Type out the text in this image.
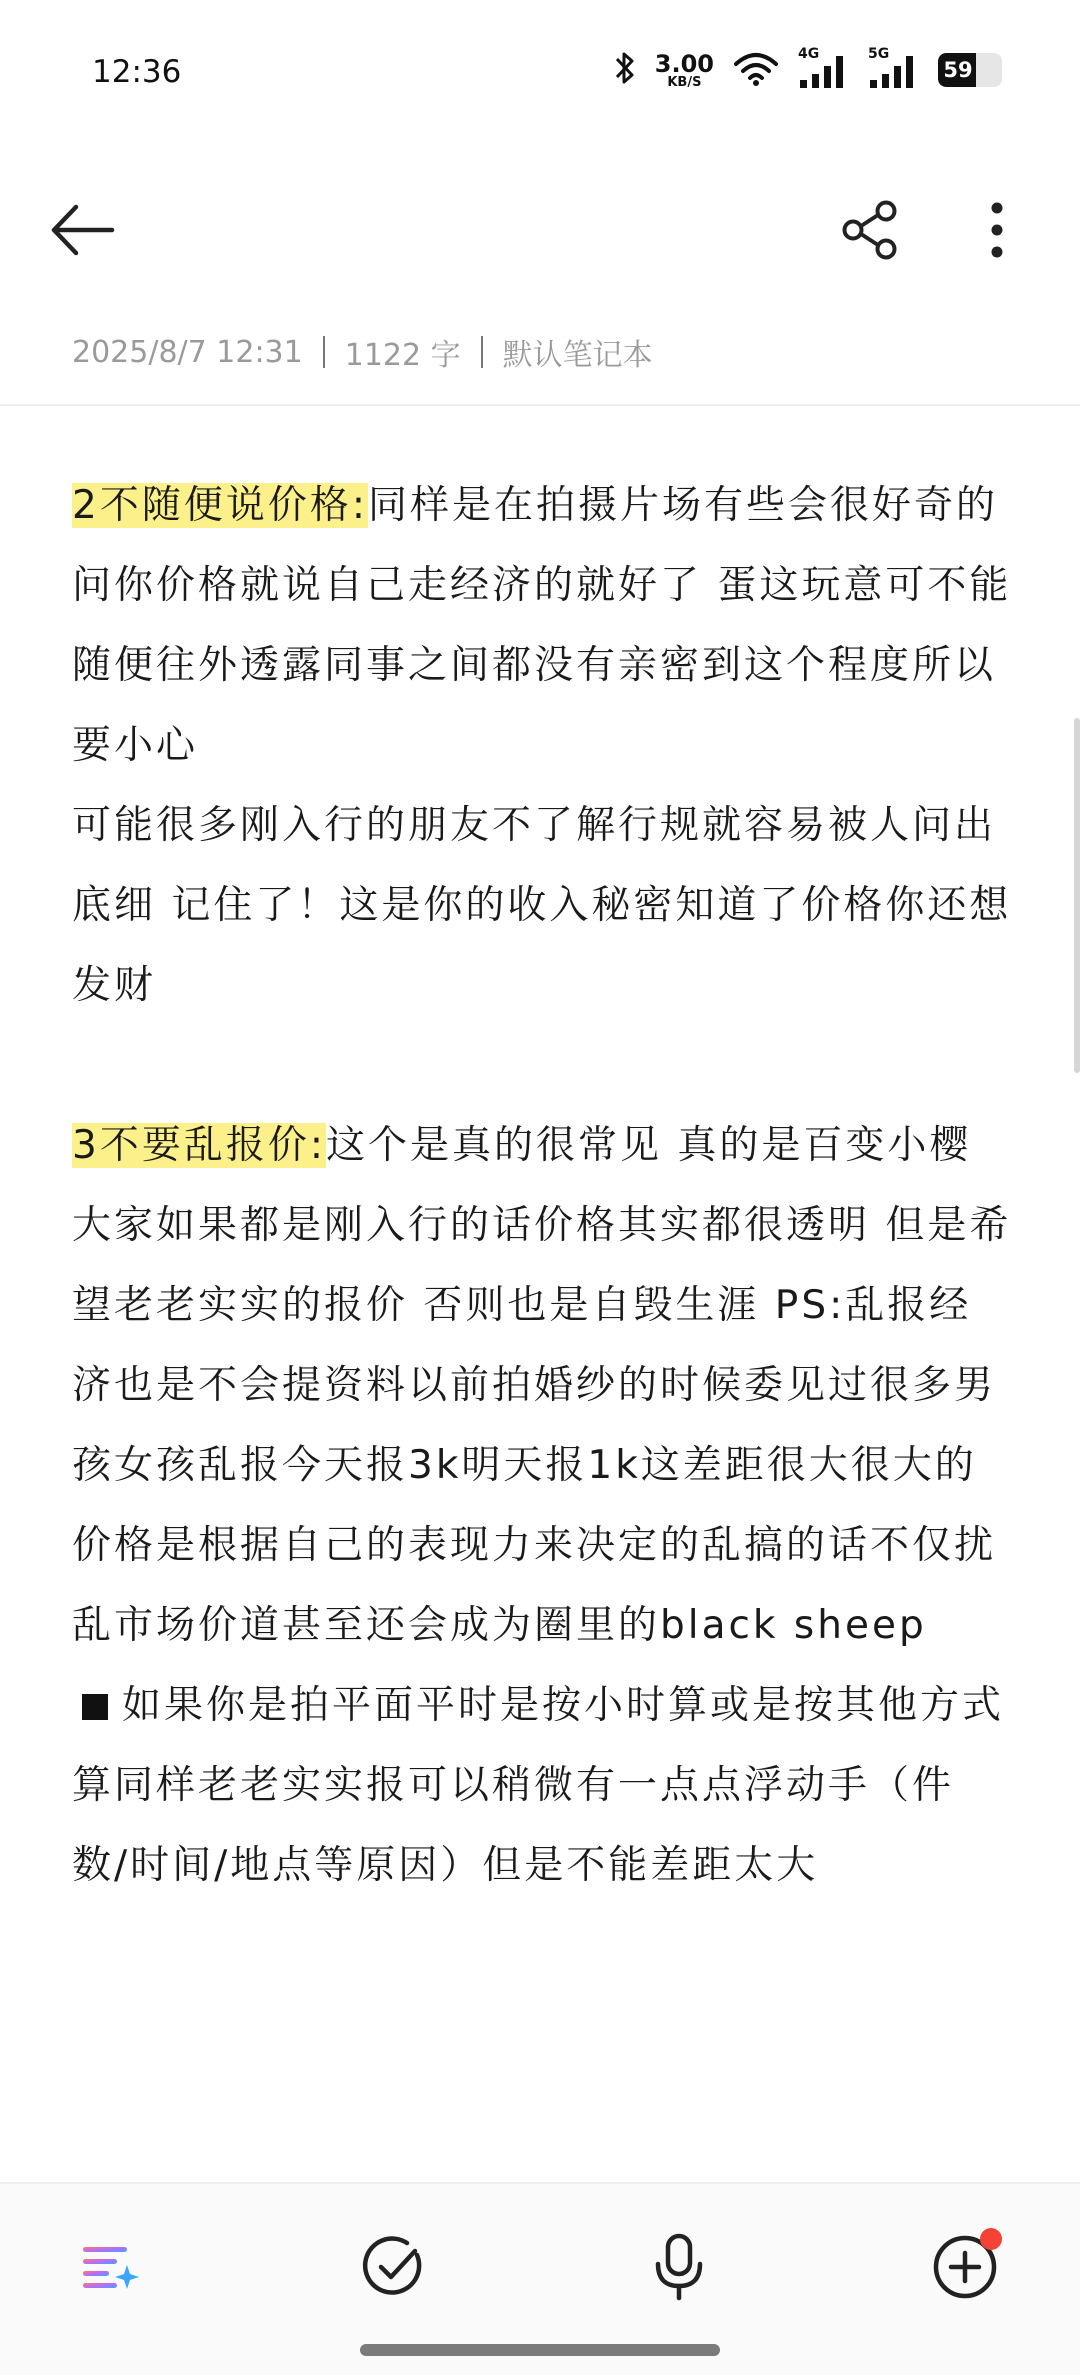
12:36	3.00
KB/S
4G	5G
59
2025/8/7 12:31 1122 字 默认笔记本

2不随便说价格:同样是在拍摄片场有些会很好奇的问你价格就说自己走经济的就好了 蛋这玩意可不能随便往外透露同事之间都没有亲密到这个程度所以要小心

可能很多刚入行的朋友不了解行规就容易被人问出底细 记住了！这是你的收入秘密知道了价格你还想发财

3不要乱报价:这个是真的很常见 真的是百变小樱大家如果都是刚入行的话价格其实都很透明 但是希望老老实实的报价 否则也是自毁生涯 PS:乱报经济也是不会提资料以前拍婚纱的时候委见过很多男孩女孩乱报今天报3k明天报1k这差距很大很大的

价格是根据自己的表现力来决定的乱搞的话不仅扰乱市场价道甚至还会成为圈里的black sheep

如果你是拍平面平时是按小时算或是按其他方式算同样老老实实报可以稍微有一点点浮动手（件数/时间/地点等原因）但是不能差距太大
